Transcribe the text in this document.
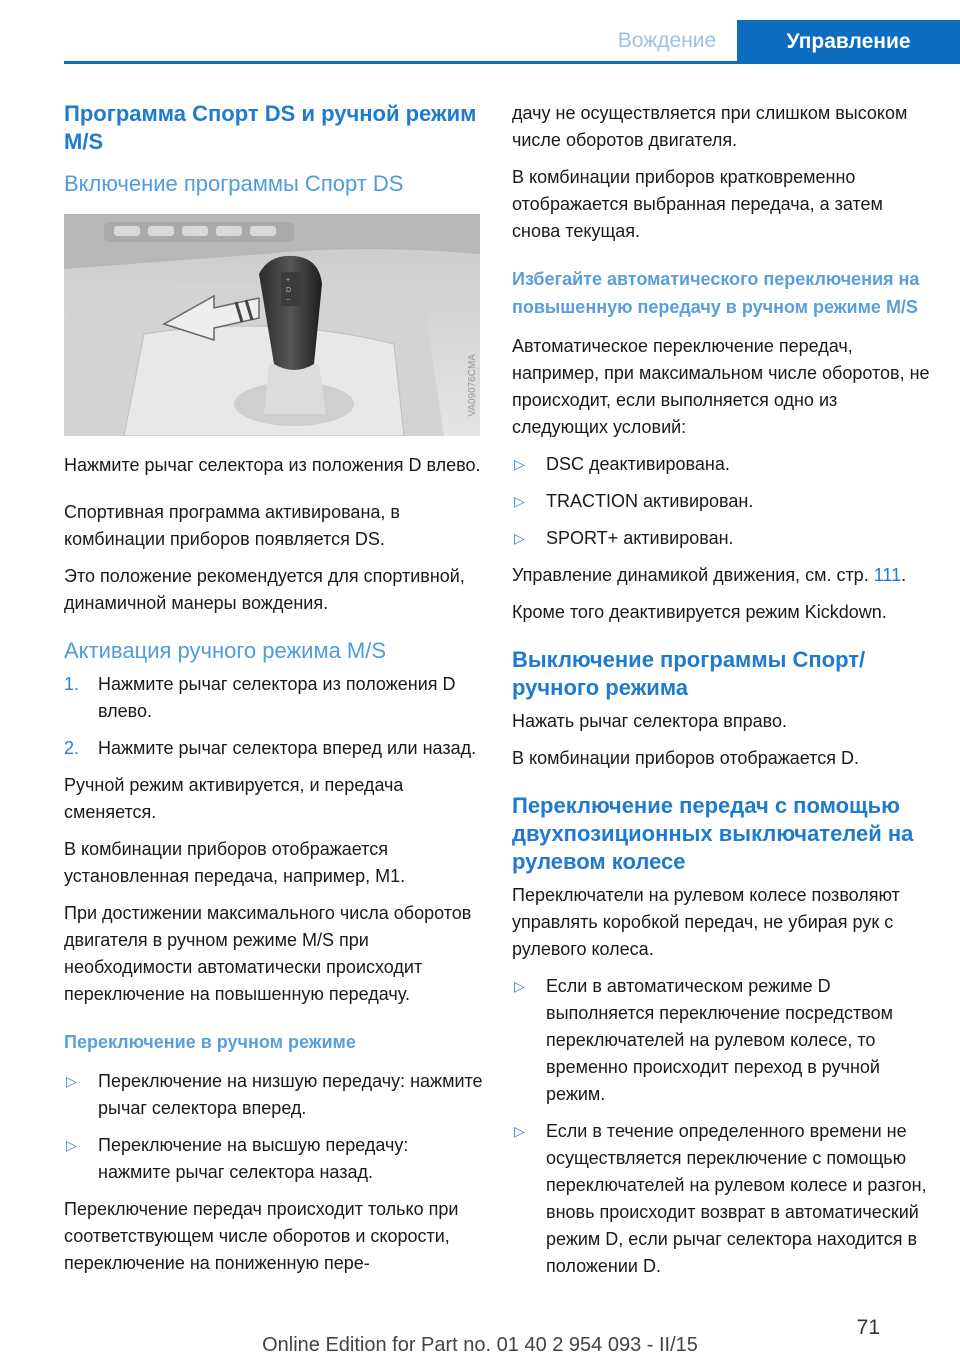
Вождение	Управление
Программа Спорт DS и ручной режим M/S
Включение программы Спорт DS
+
D
−
VA09076CMA

Нажмите рычаг селектора из положения D влево.

Спортивная программа активирована, в комбинации приборов появляется DS.

Это положение рекомендуется для спортивной, динамичной манеры вождения.

Активация ручного режима M/S
1. Нажмите рычаг селектора из положения D влево.
2. Нажмите рычаг селектора вперед или назад.

Ручной режим активируется, и передача сменяется.

В комбинации приборов отображается установленная передача, например, M1.

При достижении максимального числа оборотов двигателя в ручном режиме M/S при необходимости автоматически происходит переключение на повышенную передачу.

Переключение в ручном режиме
▷ Переключение на низшую передачу: нажмите рычаг селектора вперед.
▷ Переключение на высшую передачу: нажмите рычаг селектора назад.

Переключение передач происходит только при соответствующем числе оборотов и скорости, переключение на пониженную пере-

дачу не осуществляется при слишком высоком числе оборотов двигателя.

В комбинации приборов кратковременно отображается выбранная передача, а затем снова текущая.

Избегайте автоматического переключения на повышенную передачу в ручном режиме M/S

Автоматическое переключение передач, например, при максимальном числе оборотов, не происходит, если выполняется одно из следующих условий:

▷ DSC деактивирована.
▷ TRACTION активирован.
▷ SPORT+ активирован.

Управление динамикой движения, см. стр. 111.

Кроме того деактивируется режим Kickdown.

Выключение программы Спорт/ручного режима

Нажать рычаг селектора вправо.

В комбинации приборов отображается D.

Переключение передач с помощью двухпозиционных выключателей на рулевом колесе

Переключатели на рулевом колесе позволяют управлять коробкой передач, не убирая рук с рулевого колеса.

▷ Если в автоматическом режиме D выполняется переключение посредством переключателей на рулевом колесе, то временно происходит переход в ручной режим.
▷ Если в течение определенного времени не осуществляется переключение с помощью переключателей на рулевом колесе и разгон, вновь происходит возврат в автоматический режим D, если рычаг селектора находится в положении D.
71
Online Edition for Part no. 01 40 2 954 093 - II/15
